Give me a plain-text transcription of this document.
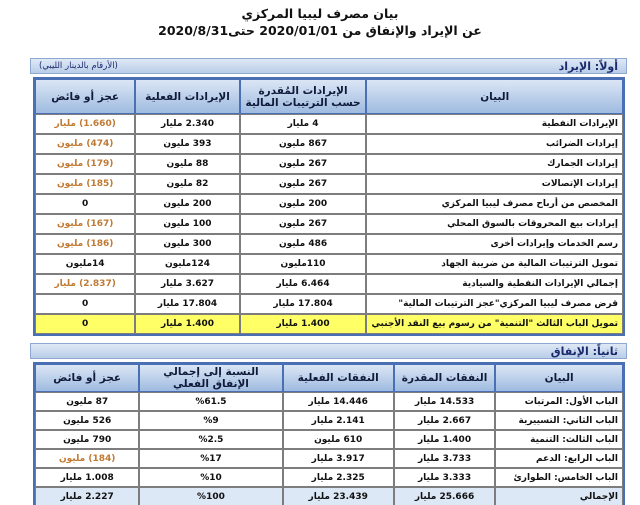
بيان مصرف ليبيا المركزي
عن الإيراد والإنفاق من 2020/01/01 حتى2020/8/31
أولاً: الإيراد
(الأرقام بالدينار الليبي)
البيان	الإيرادات المُقدرة حسب الترتيبات المالية	الإيرادات الفعلية	عجز أو فائض
الإيرادات النفطية	4 مليار	2.340 مليار	(1.660) مليار
إيرادات الضرائب	867 مليون	393 مليون	(474) مليون
إيرادات الجمارك	267 مليون	88 مليون	(179) مليون
إيرادات الإتصالات	267 مليون	82 مليون	(185) مليون
المخصص من أرباح مصرف ليبيا المركزي	200 مليون	200 مليون	0
إيرادات بيع المحروقات بالسوق المحلي	267 مليون	100 مليون	(167) مليون
رسم الخدمات وإيرادات أخرى	486 مليون	300 مليون	(186) مليون
تمويل الترتيبات المالية من ضريبة الجهاد	110مليون	124مليون	14مليون
إجمالي الإيرادات النفطية والسيادية	6.464 مليار	3.627 مليار	(2.837) مليار
قرض مصرف ليبيا المركزي"عجز الترتيبات المالية"	17.804 مليار	17.804 مليار	0
تمويل الباب الثالث "التنمية" من رسوم بيع النقد الأجنبي	1.400 مليار	1.400 مليار	0
ثانياً: الإنفاق
البيان	النفقات المقدرة	النفقات الفعلية	النسبة إلى إجمالي الإنفاق الفعلي	عجز أو فائض
الباب الأول: المرتبات	14.533 مليار	14.446 مليار	%61.5	87 مليون
الباب الثاني: التسييرية	2.667 مليار	2.141 مليار	%9	526 مليون
الباب الثالث: التنمية	1.400 مليار	610 مليون	%2.5	790 مليون
الباب الرابع: الدعم	3.733 مليار	3.917 مليار	%17	(184) مليون
الباب الخامس: الطوارئ	3.333 مليار	2.325 مليار	%10	1.008 مليار
الإجمالي	25.666 مليار	23.439 مليار	%100	2.227 مليار
